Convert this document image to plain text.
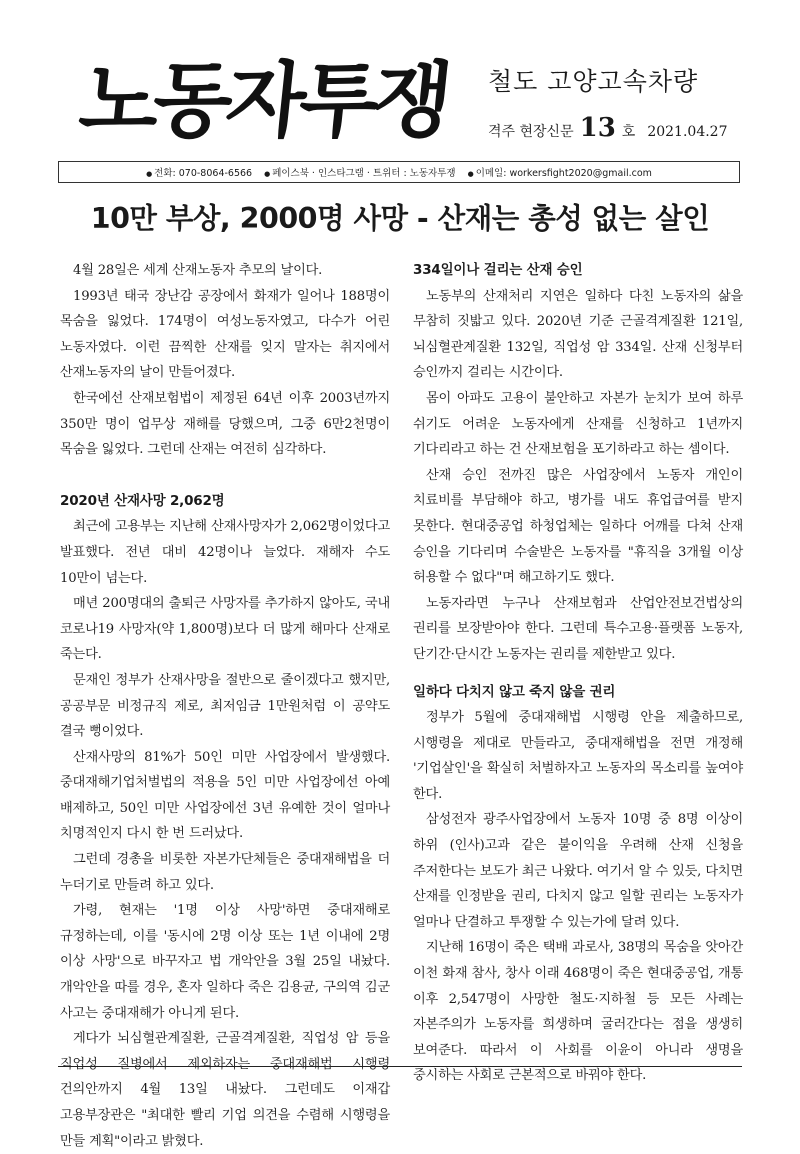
노동자투쟁	철도 고양고속차량
격주 현장신문 13 호 2021.04.27
● 전화: 070-8064-6566 ● 페이스북 · 인스타그램 · 트위터 : 노동자투쟁 ● 이메일: workersfight2020@gmail.com
10만 부상, 2000명 사망 - 산재는 총성 없는 살인

4월 28일은 세계 산재노동자 추모의 날이다.

1993년 태국 장난감 공장에서 화재가 일어나 188명이 목숨을 잃었다. 174명이 여성노동자였고, 다수가 어린 노동자였다. 이런 끔찍한 산재를 잊지 말자는 취지에서 산재노동자의 날이 만들어졌다.

한국에선 산재보험법이 제정된 64년 이후 2003년까지 350만 명이 업무상 재해를 당했으며, 그중 6만2천명이 목숨을 잃었다. 그런데 산재는 여전히 심각하다.

2020년 산재사망 2,062명

최근에 고용부는 지난해 산재사망자가 2,062명이었다고 발표했다. 전년 대비 42명이나 늘었다. 재해자 수도 10만이 넘는다.

매년 200명대의 출퇴근 사망자를 추가하지 않아도, 국내 코로나19 사망자(약 1,800명)보다 더 많게 해마다 산재로 죽는다.

문재인 정부가 산재사망을 절반으로 줄이겠다고 했지만, 공공부문 비정규직 제로, 최저임금 1만원처럼 이 공약도 결국 뻥이었다.

산재사망의 81%가 50인 미만 사업장에서 발생했다. 중대재해기업처벌법의 적용을 5인 미만 사업장에선 아예 배제하고, 50인 미만 사업장에선 3년 유예한 것이 얼마나 치명적인지 다시 한 번 드러났다.

그런데 경총을 비롯한 자본가단체들은 중대재해법을 더 누더기로 만들려 하고 있다.

가령, 현재는 '1명 이상 사망'하면 중대재해로 규정하는데, 이를 '동시에 2명 이상 또는 1년 이내에 2명 이상 사망'으로 바꾸자고 법 개악안을 3월 25일 내놨다. 개악안을 따를 경우, 혼자 일하다 죽은 김용균, 구의역 김군 사고는 중대재해가 아니게 된다.

게다가 뇌심혈관계질환, 근골격계질환, 직업성 암 등을 직업성 질병에서 제외하자는 중대재해법 시행령 건의안까지 4월 13일 내놨다. 그런데도 이재갑 고용부장관은 "최대한 빨리 기업 의견을 수렴해 시행령을 만들 계획"이라고 밝혔다.

334일이나 걸리는 산재 승인

노동부의 산재처리 지연은 일하다 다친 노동자의 삶을 무참히 짓밟고 있다. 2020년 기준 근골격계질환 121일, 뇌심혈관계질환 132일, 직업성 암 334일. 산재 신청부터 승인까지 걸리는 시간이다.

몸이 아파도 고용이 불안하고 자본가 눈치가 보여 하루 쉬기도 어려운 노동자에게 산재를 신청하고 1년까지 기다리라고 하는 건 산재보험을 포기하라고 하는 셈이다.

산재 승인 전까진 많은 사업장에서 노동자 개인이 치료비를 부담해야 하고, 병가를 내도 휴업급여를 받지 못한다. 현대중공업 하청업체는 일하다 어깨를 다쳐 산재 승인을 기다리며 수술받은 노동자를 "휴직을 3개월 이상 허용할 수 없다"며 해고하기도 했다.

노동자라면 누구나 산재보험과 산업안전보건법상의 권리를 보장받아야 한다. 그런데 특수고용·플랫폼 노동자, 단기간·단시간 노동자는 권리를 제한받고 있다.

일하다 다치지 않고 죽지 않을 권리

정부가 5월에 중대재해법 시행령 안을 제출하므로, 시행령을 제대로 만들라고, 중대재해법을 전면 개정해 '기업살인'을 확실히 처벌하자고 노동자의 목소리를 높여야 한다.

삼성전자 광주사업장에서 노동자 10명 중 8명 이상이 하위 (인사)고과 같은 불이익을 우려해 산재 신청을 주저한다는 보도가 최근 나왔다. 여기서 알 수 있듯, 다치면 산재를 인정받을 권리, 다치지 않고 일할 권리는 노동자가 얼마나 단결하고 투쟁할 수 있는가에 달려 있다.

지난해 16명이 죽은 택배 과로사, 38명의 목숨을 앗아간 이천 화재 참사, 창사 이래 468명이 죽은 현대중공업, 개통 이후 2,547명이 사망한 철도·지하철 등 모든 사례는 자본주의가 노동자를 희생하며 굴러간다는 점을 생생히 보여준다. 따라서 이 사회를 이윤이 아니라 생명을 중시하는 사회로 근본적으로 바꿔야 한다.
